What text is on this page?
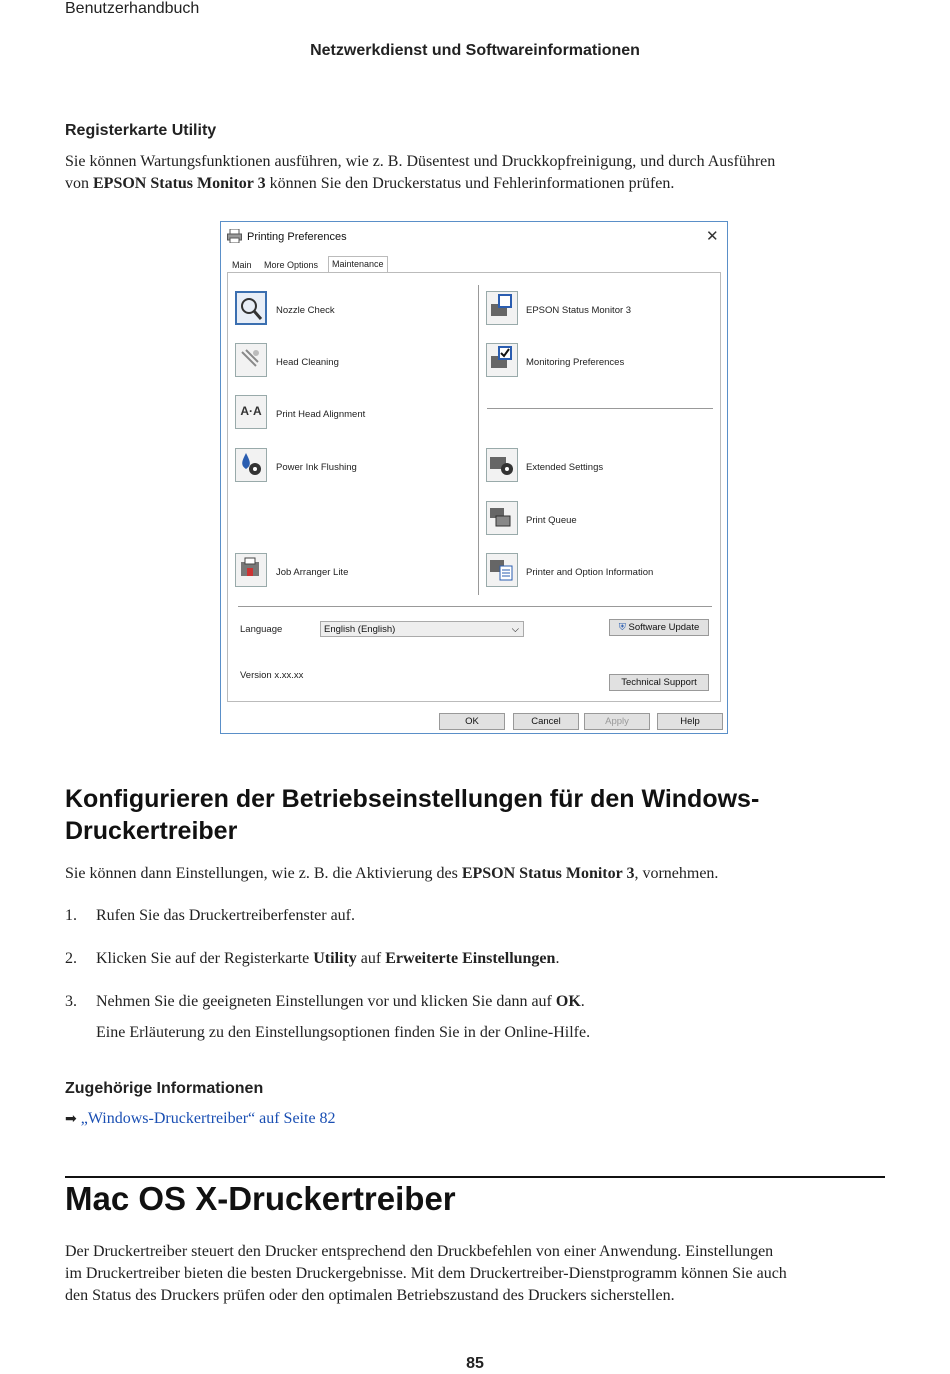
Benutzerhandbuch
Netzwerkdienst und Softwareinformationen
Registerkarte Utility
Sie können Wartungsfunktionen ausführen, wie z. B. Düsentest und Druckkopfreinigung, und durch Ausführen
von EPSON Status Monitor 3 können Sie den Druckerstatus und Fehlerinformationen prüfen.
Printing Preferences	✕
Main	More Options	Maintenance
Nozzle Check
Head Cleaning
A·A	Print Head Alignment
Power Ink Flushing
Job Arranger Lite
EPSON Status Monitor 3
Monitoring Preferences
Extended Settings
Print Queue
Printer and Option Information
Language	English (English)	⌵	⛨ Software Update
Version x.xx.xx
Technical Support
OK	Cancel	Apply	Help
Konfigurieren der Betriebseinstellungen für den Windows-
Druckertreiber
Sie können dann Einstellungen, wie z. B. die Aktivierung des EPSON Status Monitor 3, vornehmen.
1.	Rufen Sie das Druckertreiberfenster auf.
2.	Klicken Sie auf der Registerkarte Utility auf Erweiterte Einstellungen.
3.	Nehmen Sie die geeigneten Einstellungen vor und klicken Sie dann auf OK.
Eine Erläuterung zu den Einstellungsoptionen finden Sie in der Online-Hilfe.
Zugehörige Informationen
➡ „Windows-Druckertreiber“ auf Seite 82
Mac OS X-Druckertreiber
Der Druckertreiber steuert den Drucker entsprechend den Druckbefehlen von einer Anwendung. Einstellungen
im Druckertreiber bieten die besten Druckergebnisse. Mit dem Druckertreiber-Dienstprogramm können Sie auch
den Status des Druckers prüfen oder den optimalen Betriebszustand des Druckers sicherstellen.
85
